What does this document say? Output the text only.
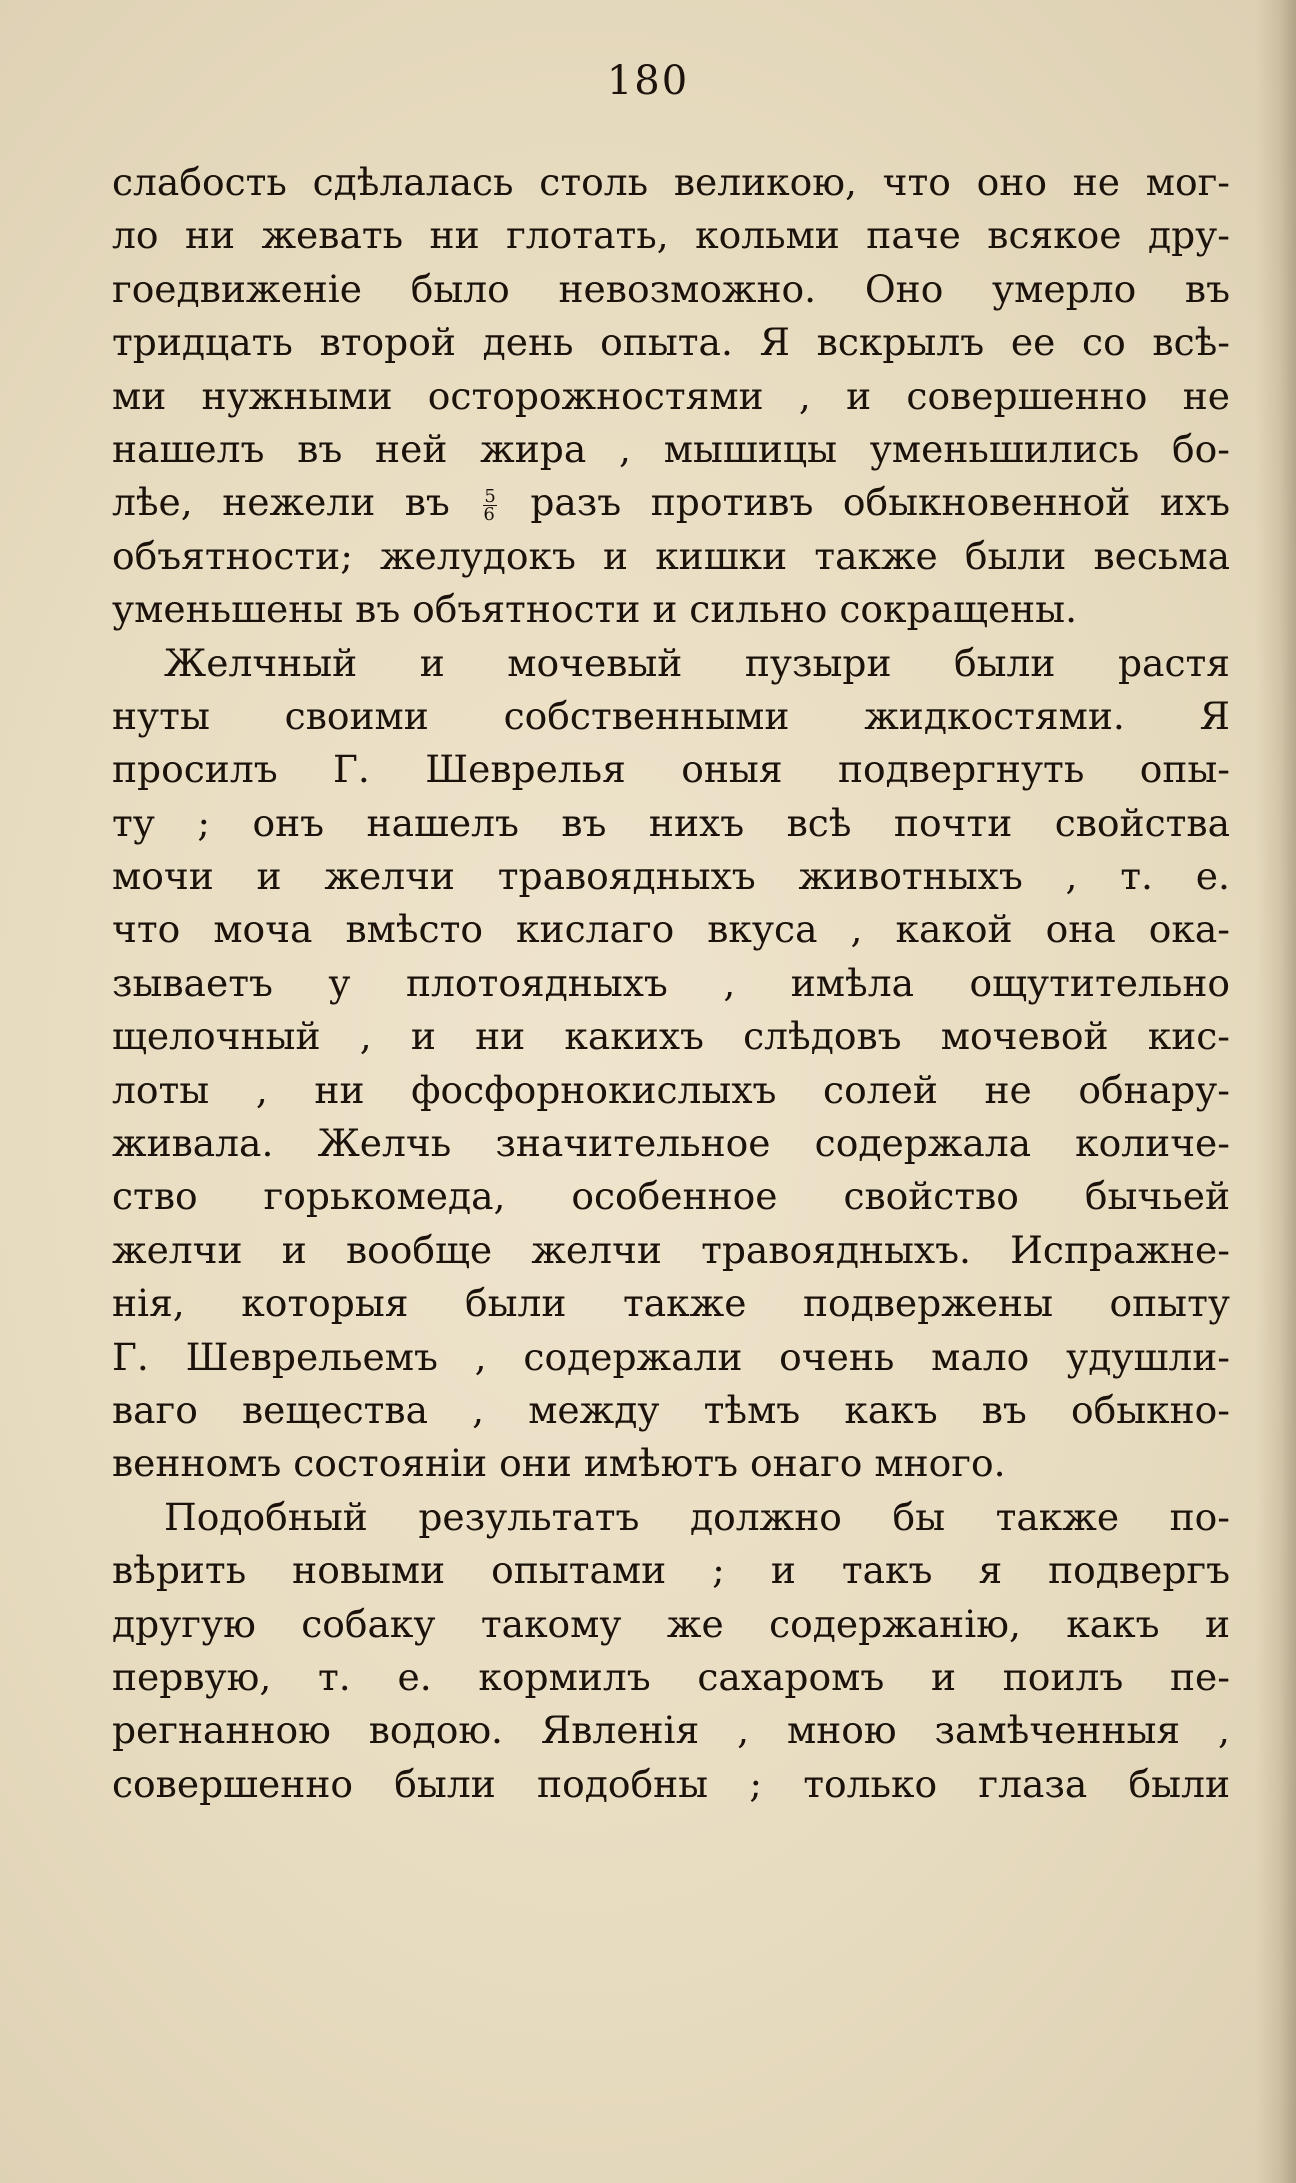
180
слабость сдѣлалась столь великою, что оно не мог-
ло ни жевать ни глотать, кольми паче всякое дру-
гоедвиженіе было невозможно. Оно умерло въ
тридцать второй день опыта. Я вскрылъ ее со всѣ-
ми нужными осторожностями , и совершенно не
нашелъ въ ней жира , мышицы уменьшились бо-
лѣе, нежели въ $\frac{5}{6}$ разъ противъ обыкновенной ихъ
объятности; желудокъ и кишки также были весьма
уменьшены въ объятности и сильно сокращены.
Желчный и мочевый пузыри были растя
нуты своими собственными жидкостями. Я
просилъ Г. Шеврелья оныя подвергнуть опы-
ту ; онъ нашелъ въ нихъ всѣ почти свойства
мочи и желчи травоядныхъ животныхъ , т. е.
что моча вмѣсто кислаго вкуса , какой она ока-
зываетъ у плотоядныхъ , имѣла ощутительно
щелочный , и ни какихъ слѣдовъ мочевой кис-
лоты , ни фосфорнокислыхъ солей не обнару-
живала. Желчь значительное содержала количе-
ство горькомеда, особенное свойство бычьей
желчи и вообще желчи травоядныхъ. Испражне-
нія, которыя были также подвержены опыту
Г. Шеврельемъ , содержали очень мало удушли-
ваго вещества , между тѣмъ какъ въ обыкно-
венномъ состояніи они имѣютъ онаго много.
Подобный результатъ должно бы также по-
вѣрить новыми опытами ; и такъ я подвергъ
другую собаку такому же содержанію, какъ и
первую, т. е. кормилъ сахаромъ и поилъ пе-
регнанною водою. Явленія , мною замѣченныя ,
совершенно были подобны ; только глаза были
